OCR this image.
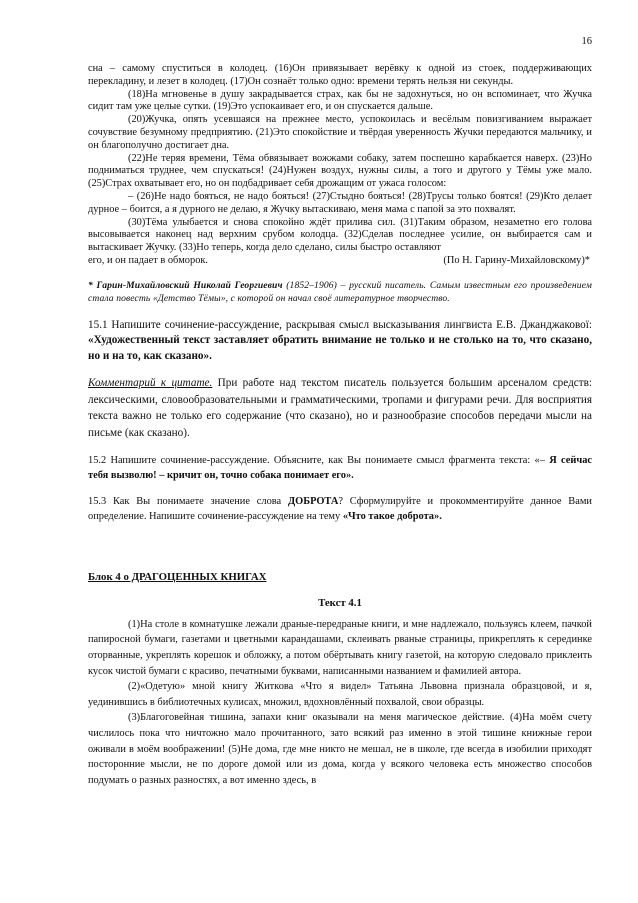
16

сна – самому спуститься в колодец. (16)Он привязывает верёвку к одной из стоек, поддерживающих перекладину, и лезет в колодец. (17)Он сознаёт только одно: времени терять нельзя ни секунды.

(18)На мгновенье в душу закрадывается страх, как бы не задохнуться, но он вспоминает, что Жучка сидит там уже целые сутки. (19)Это успокаивает его, и он спускается дальше.

(20)Жучка, опять усевшаяся на прежнее место, успокоилась и весёлым повизгиванием выражает сочувствие безумному предприятию. (21)Это спокойствие и твёрдая уверенность Жучки передаются мальчику, и он благополучно достигает дна.

(22)Не теряя времени, Тёма обвязывает вожжами собаку, затем поспешно карабкается наверх. (23)Но подниматься труднее, чем спускаться! (24)Нужен воздух, нужны силы, а того и другого у Тёмы уже мало. (25)Страх охватывает его, но он подбадривает себя дрожащим от ужаса голосом:

– (26)Не надо бояться, не надо бояться! (27)Стыдно бояться! (28)Трусы только боятся! (29)Кто делает дурное – боится, а я дурного не делаю, я Жучку вытаскиваю, меня мама с папой за это похвалят.

(30)Тёма улыбается и снова спокойно ждёт прилива сил. (31)Таким образом, незаметно его голова высовывается наконец над верхним срубом колодца. (32)Сделав последнее усилие, он выбирается сам и вытаскивает Жучку. (33)Но теперь, когда дело сделано, силы быстро оставляют

его, и он падает в обморок.	(По Н. Гарину-Михайловскому)*
* Гарин-Михайловский Николай Георгиевич (1852–1906) – русский писатель. Самым известным его произведением стала повесть «Детство Тёмы», с которой он начал своё литературное творчество.

15.1 Напишите сочинение-рассуждение, раскрывая смысл высказывания лингвиста Е.В. Джанджакової: «Художественный текст заставляет обратить внимание не только и не столько на то, что сказано, но и на то, как сказано».

Комментарий к цитате. При работе над текстом писатель пользуется большим арсеналом средств: лексическими, словообразовательными и грамматическими, тропами и фигурами речи. Для восприятия текста важно не только его содержание (что сказано), но и разнообразие способов передачи мысли на письме (как сказано).

15.2 Напишите сочинение-рассуждение. Объясните, как Вы понимаете смысл фрагмента текста: «– Я сейчас тебя вызволю! – кричит он, точно собака понимает его».

15.3 Как Вы понимаете значение слова ДОБРОТА? Сформулируйте и прокомментируйте данное Вами определение. Напишите сочинение-рассуждение на тему «Что такое доброта».

Блок 4 о ДРАГОЦЕННЫХ КНИГАХ
Текст 4.1

(1)На столе в комнатушке лежали драные-передраные книги, и мне надлежало, пользуясь клеем, пачкой папиросной бумаги, газетами и цветными карандашами, склеивать рваные страницы, прикреплять к серединке оторванные, укреплять корешок и обложку, а потом обёртывать книгу газетой, на которую следовало приклеить кусок чистой бумаги с красиво, печатными буквами, написанными названием и фамилией автора.

(2)«Одетую» мной книгу Житкова «Что я видел» Татьяна Львовна признала образцовой, и я, уединившись в библиотечных кулисах, множил, вдохновлённый похвалой, свои образцы.

(3)Благоговейная тишина, запахи книг оказывали на меня магическое действие. (4)На моём счету числилось пока что ничтожно мало прочитанного, зато всякий раз именно в этой тишине книжные герои оживали в моём воображении! (5)Не дома, где мне никто не мешал, не в школе, где всегда в изобилии приходят посторонние мысли, не по дороге домой или из дома, когда у всякого человека есть множество способов подумать о разных разностях, а вот именно здесь, в
